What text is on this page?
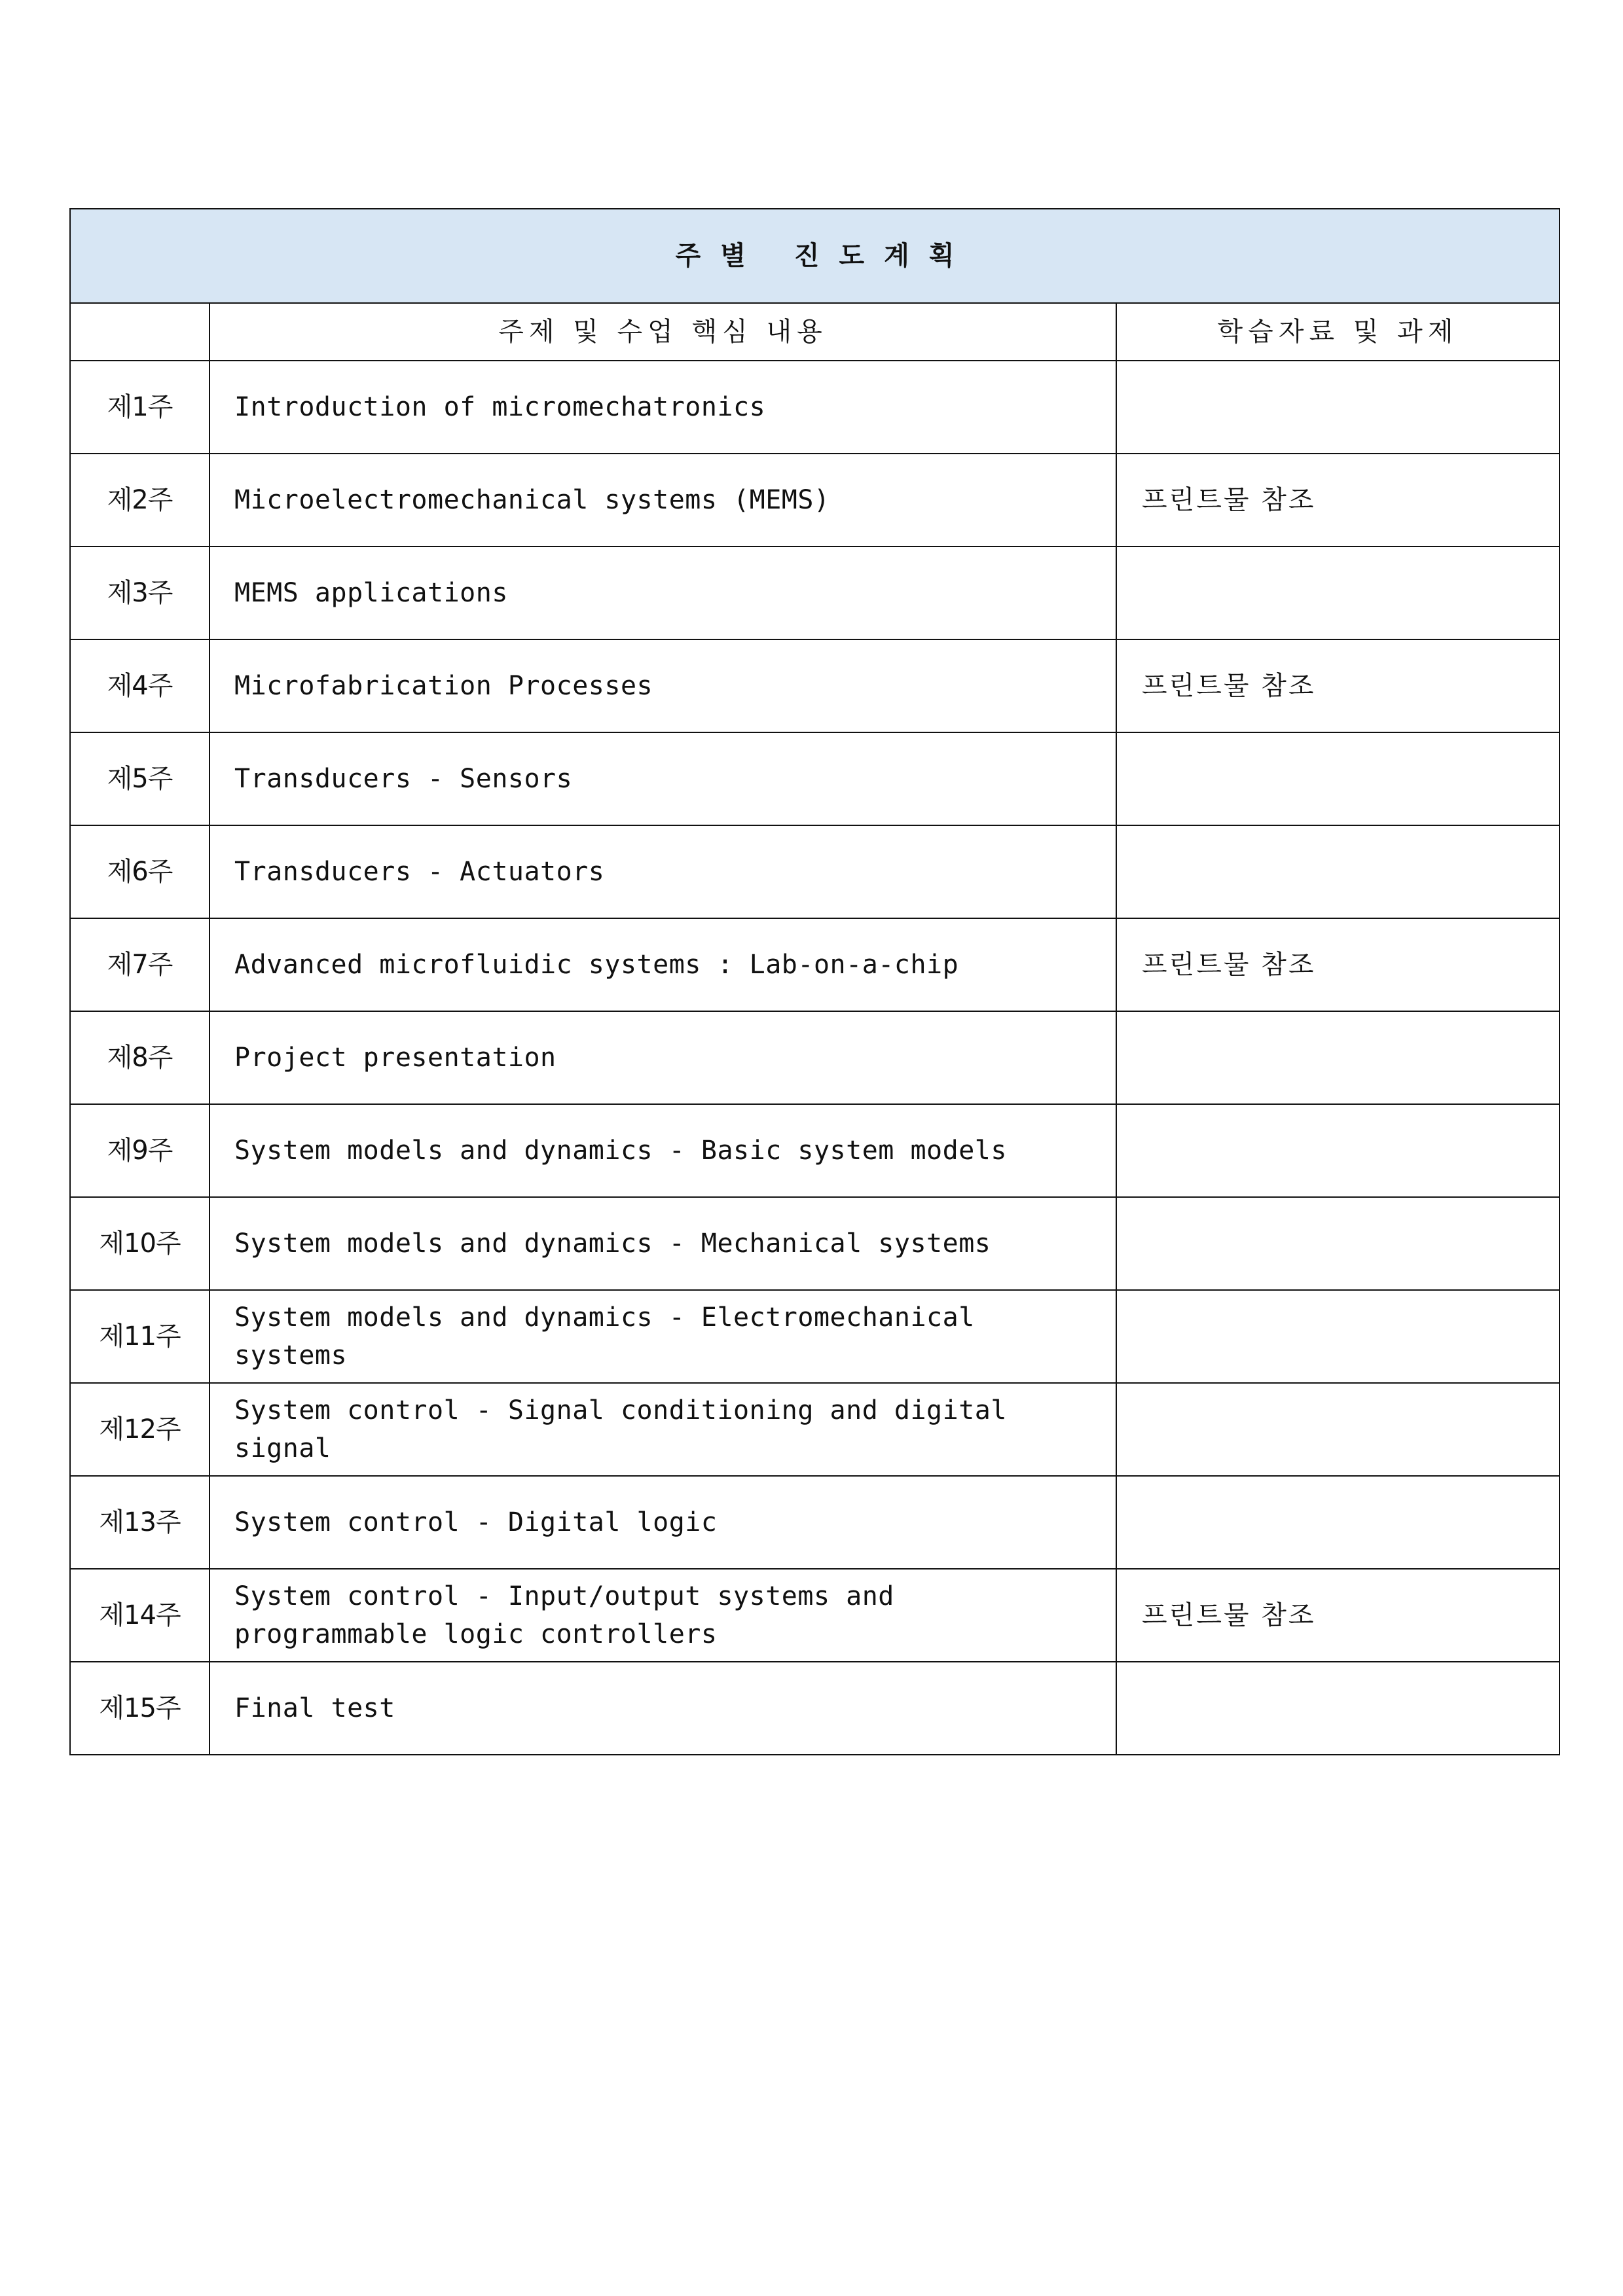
주별 진도계획		
	주제 및 수업 핵심 내용	학습자료 및 과제
제1주	Introduction of micromechatronics	
제2주	Microelectromechanical systems (MEMS)	프린트물 참조
제3주	MEMS applications	
제4주	Microfabrication Processes	프린트물 참조
제5주	Transducers - Sensors	
제6주	Transducers - Actuators	
제7주	Advanced microfluidic systems : Lab-on-a-chip	프린트물 참조
제8주	Project presentation	
제9주	System models and dynamics - Basic system models	
제10주	System models and dynamics - Mechanical systems	
제11주	System models and dynamics - Electromechanical systems	
제12주	System control - Signal conditioning and digital signal	
제13주	System control - Digital logic	
제14주	System control - Input/output systems and programmable logic controllers	프린트물 참조
제15주	Final test	
